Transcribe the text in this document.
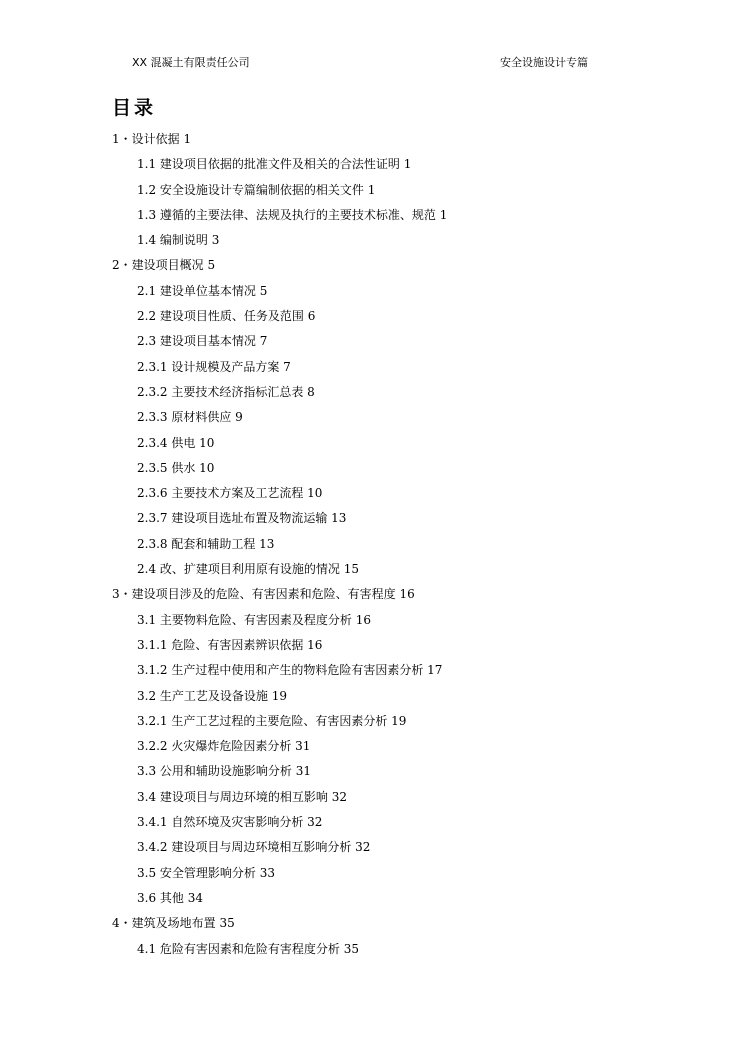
XX 混凝土有限责任公司	安全设施设计专篇
目录
1・设计依据 1
1.1 建设项目依据的批准文件及相关的合法性证明 1
1.2 安全设施设计专篇编制依据的相关文件 1
1.3 遵循的主要法律、法规及执行的主要技术标准、规范 1
1.4 编制说明 3
2・建设项目概况 5
2.1 建设单位基本情况 5
2.2 建设项目性质、任务及范围 6
2.3 建设项目基本情况 7
2.3.1 设计规模及产品方案 7
2.3.2 主要技术经济指标汇总表 8
2.3.3 原材料供应 9
2.3.4 供电 10
2.3.5 供水 10
2.3.6 主要技术方案及工艺流程 10
2.3.7 建设项目选址布置及物流运输 13
2.3.8 配套和辅助工程 13
2.4 改、扩建项目利用原有设施的情况 15
3・建设项目涉及的危险、有害因素和危险、有害程度 16
3.1 主要物料危险、有害因素及程度分析 16
3.1.1 危险、有害因素辨识依据 16
3.1.2 生产过程中使用和产生的物料危险有害因素分析 17
3.2 生产工艺及设备设施 19
3.2.1 生产工艺过程的主要危险、有害因素分析 19
3.2.2 火灾爆炸危险因素分析 31
3.3 公用和辅助设施影响分析 31
3.4 建设项目与周边环境的相互影响 32
3.4.1 自然环境及灾害影响分析 32
3.4.2 建设项目与周边环境相互影响分析 32
3.5 安全管理影响分析 33
3.6 其他 34
4・建筑及场地布置 35
4.1 危险有害因素和危险有害程度分析 35
